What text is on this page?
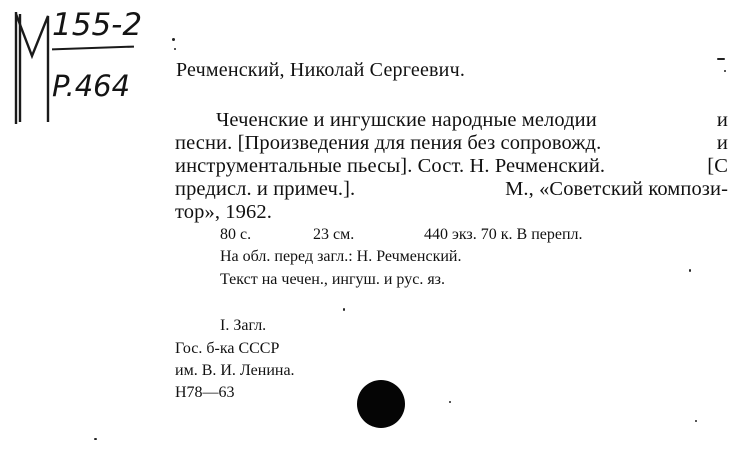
155-2
P.464 Речменский, Николай Сергеевич.
Чеченские и ингушские народные мелодии	и
песни. [Произведения для пения без сопровожд.	и
инструментальные пьесы]. Сост. Н. Речменский.	[С
предисл. и примеч.].	М., «Советский компози-
тор», 1962.
80 с.	23 см.	440 экз. 70 к. В перепл.
На обл. перед загл.: Н. Речменский.
Текст на чечен., ингуш. и рус. яз.
I. Загл.
Гос. б-ка СССР
им. В. И. Ленина.
Н78—63
